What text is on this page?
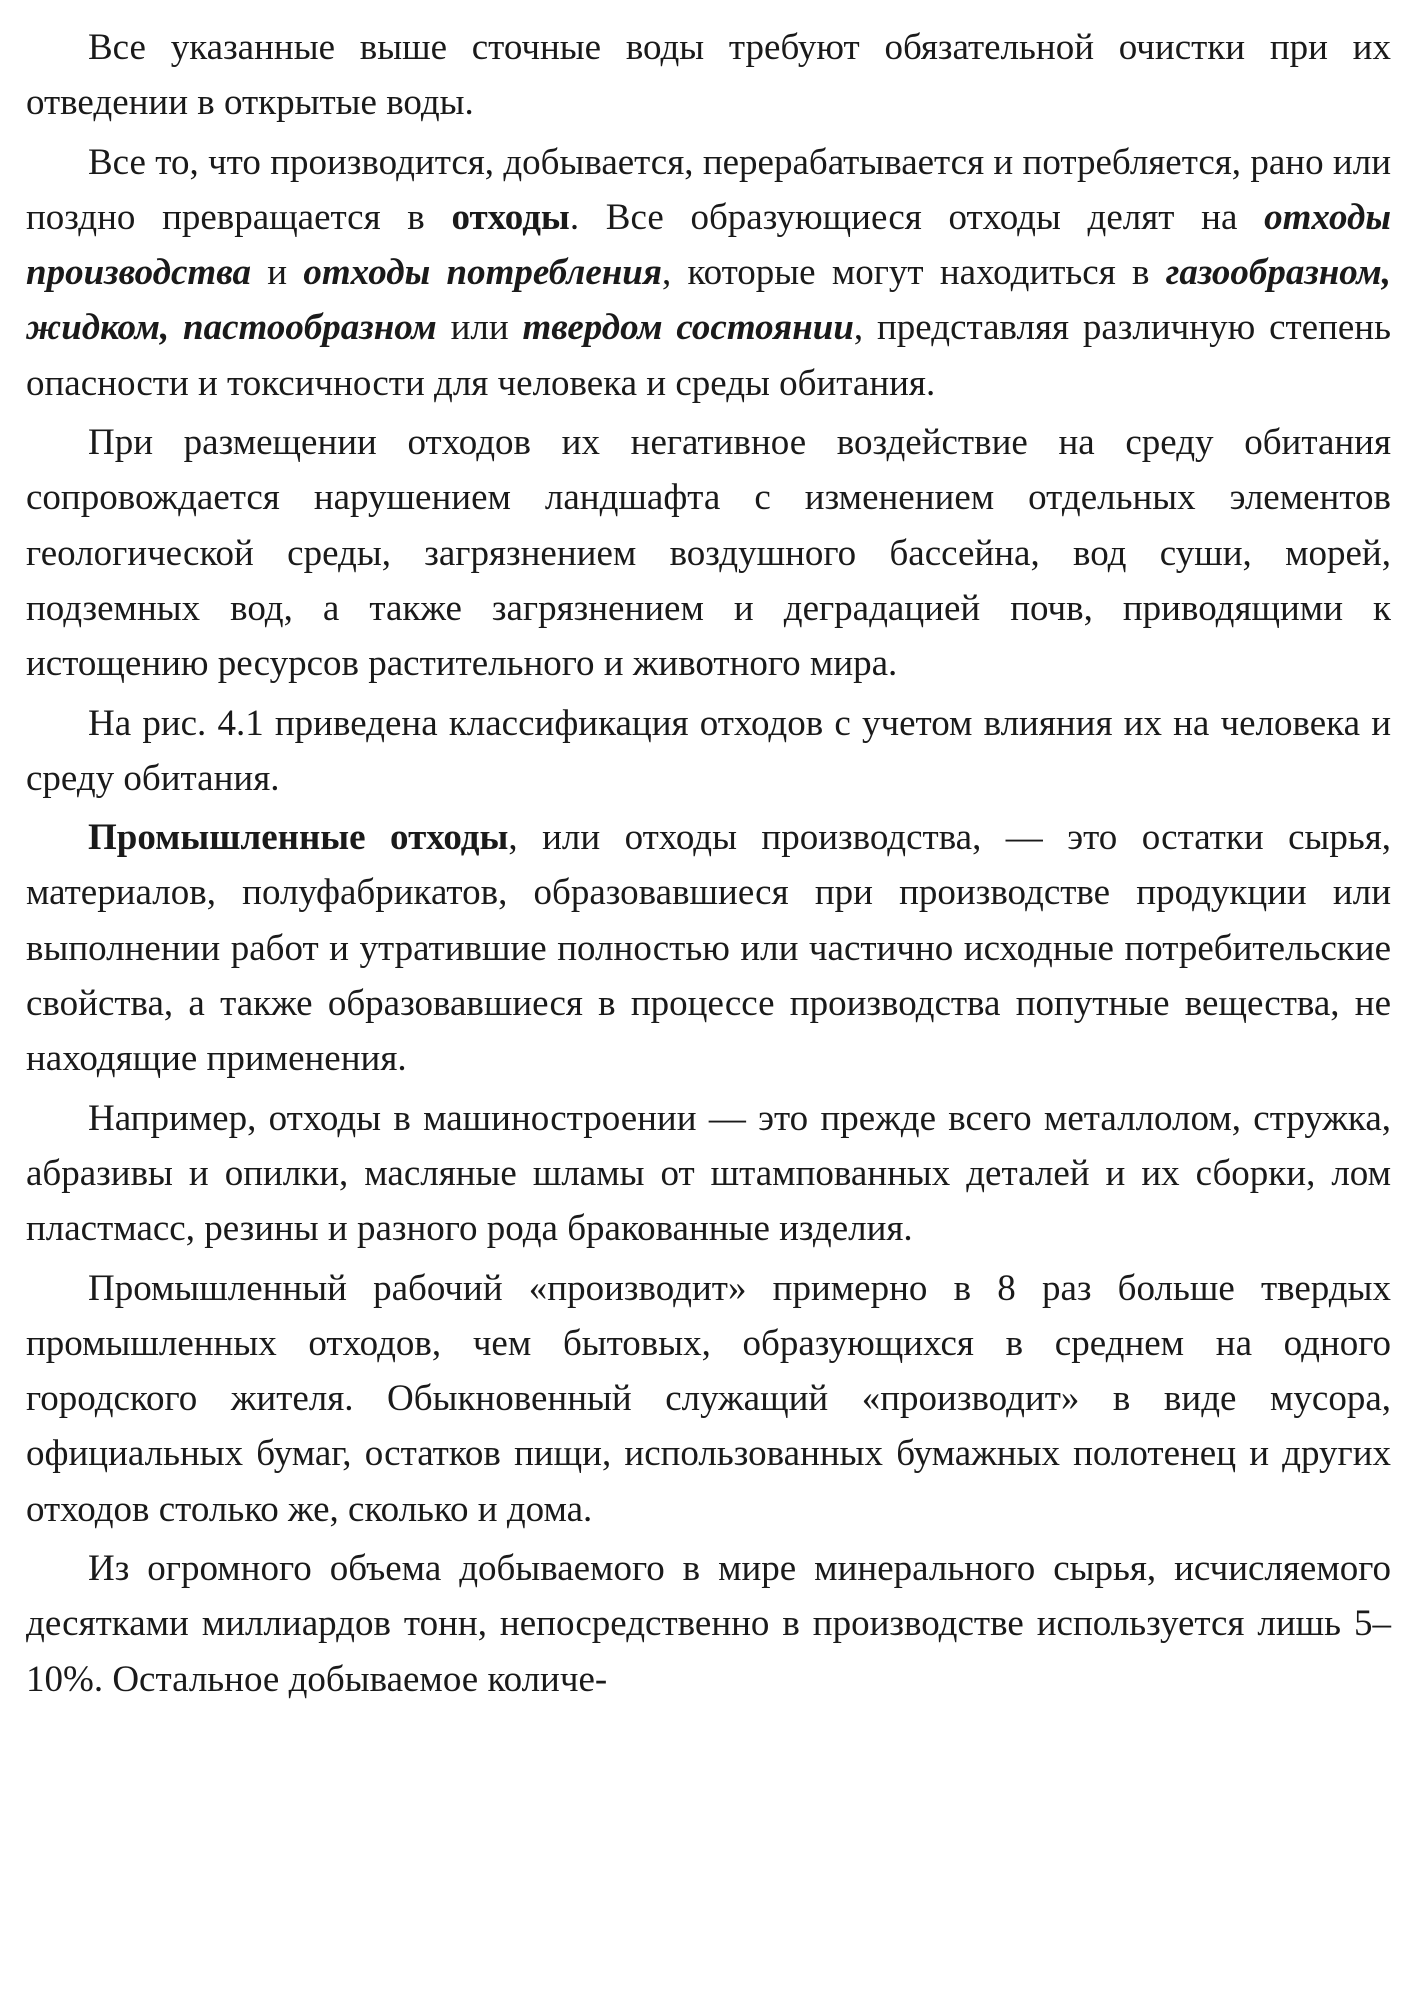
Все указанные выше сточные воды требуют обязательной очистки при их отведении в открытые воды.

Все то, что производится, добывается, перерабатывается и потребляется, рано или поздно превращается в отходы. Все образующиеся отходы делят на отходы производства и отходы потребления, которые могут находиться в газообразном, жидком, пастообразном или твердом состоянии, представляя различную степень опасности и токсичности для человека и среды обитания.

При размещении отходов их негативное воздействие на среду обитания сопровождается нарушением ландшафта с изменением отдельных элементов геологической среды, загрязнением воздушного бассейна, вод суши, морей, подземных вод, а также загрязнением и деградацией почв, приводящими к истощению ресурсов растительного и животного мира.

На рис. 4.1 приведена классификация отходов с учетом влияния их на человека и среду обитания.

Промышленные отходы, или отходы производства, — это остатки сырья, материалов, полуфабрикатов, образовавшиеся при производстве продукции или выполнении работ и утратившие полностью или частично исходные потребительские свойства, а также образовавшиеся в процессе производства попутные вещества, не находящие применения.

Например, отходы в машиностроении — это прежде всего металлолом, стружка, абразивы и опилки, масляные шламы от штампованных деталей и их сборки, лом пластмасс, резины и разного рода бракованные изделия.

Промышленный рабочий «производит» примерно в 8 раз больше твердых промышленных отходов, чем бытовых, образующихся в среднем на одного городского жителя. Обыкновенный служащий «производит» в виде мусора, официальных бумаг, остатков пищи, использованных бумажных полотенец и других отходов столько же, сколько и дома.

Из огромного объема добываемого в мире минерального сырья, исчисляемого десятками миллиардов тонн, непосредственно в производстве используется лишь 5–10%. Остальное добываемое количе-
